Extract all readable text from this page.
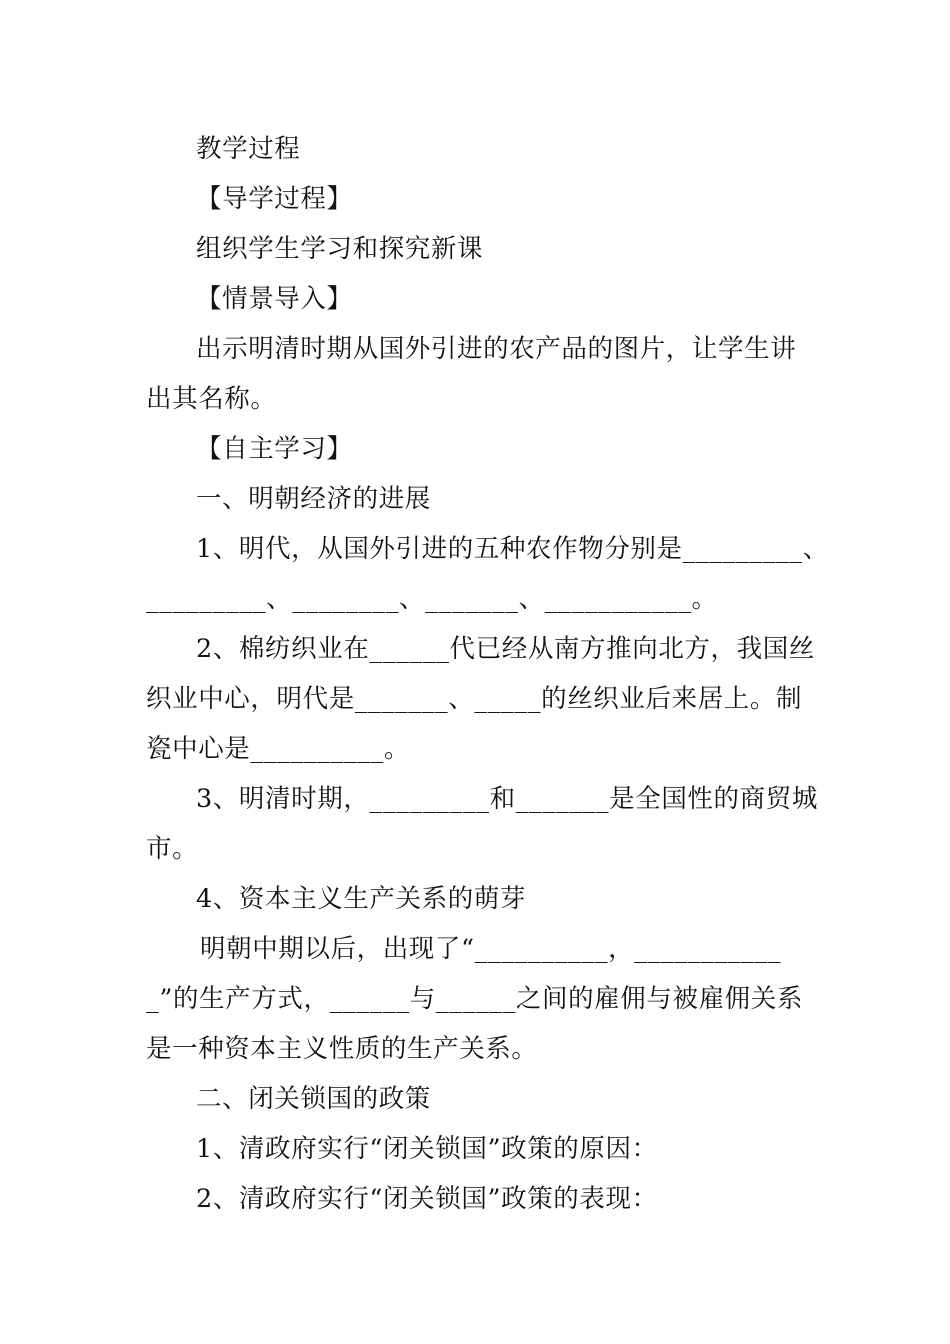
教学过程
【导学过程】
组织学生学习和探究新课
【情景导入】
出示明清时期从国外引进的农产品的图片，让学生讲
出其名称。
【自主学习】
一、明朝经济的进展
1、明代，从国外引进的五种农作物分别是_________、
_________、________、_______、___________。
2、棉纺织业在______代已经从南方推向北方，我国丝
织业中心，明代是_______、_____的丝织业后来居上。制
瓷中心是__________。
3、明清时期，_________和_______是全国性的商贸城
市。
4、资本主义生产关系的萌芽
明朝中期以后，出现了“__________，___________
_”的生产方式，______与______之间的雇佣与被雇佣关系
是一种资本主义性质的生产关系。
二、闭关锁国的政策
1、清政府实行“闭关锁国”政策的原因：
2、清政府实行“闭关锁国”政策的表现：
